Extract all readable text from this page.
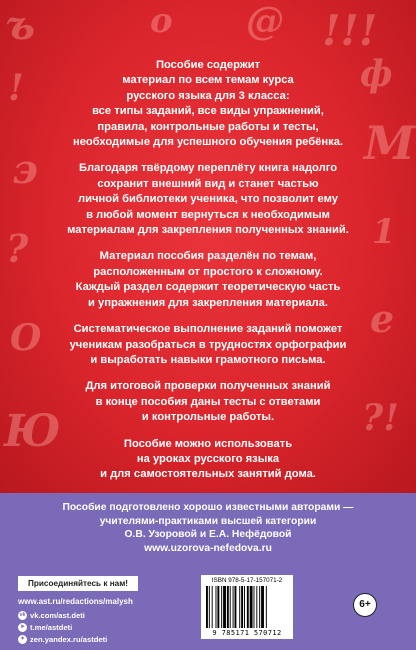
ъ	о @ !!!
!	ф
э	М
?	1
О	е
Ю	?!
Пособие содержит
материал по всем темам курса
русского языка для 3 класса:
все типы заданий, все виды упражнений,
правила, контрольные работы и тесты,
необходимые для успешного обучения ребёнка.
Благодаря твёрдому переплёту книга надолго
сохранит внешний вид и станет частью
личной библиотеки ученика, что позволит ему
в любой момент вернуться к необходимым
материалам для закрепления полученных знаний.
Материал пособия разделён по темам,
расположенным от простого к сложному.
Каждый раздел содержит теоретическую часть
и упражнения для закрепления материала.
Систематическое выполнение заданий поможет
ученикам разобраться в трудностях орфографии
и выработать навыки грамотного письма.
Для итоговой проверки полученных знаний
в конце пособия даны тесты с ответами
и контрольные работы.
Пособие можно использовать
на уроках русского языка
и для самостоятельных занятий дома.
Пособие подготовлено хорошо известными авторами —
учителями-практиками высшей категории
О.В. Узоровой и Е.А. Нефёдовой
www.uzorova-nefedova.ru
Присоединяйтесь к нам!
www.ast.ru/redactions/malysh
vk vk.com/ast.deti
➤ t.me/astdeti
✦ zen.yandex.ru/astdeti
ISBN 978-5-17-157071-2
9 785171 570712
6+
